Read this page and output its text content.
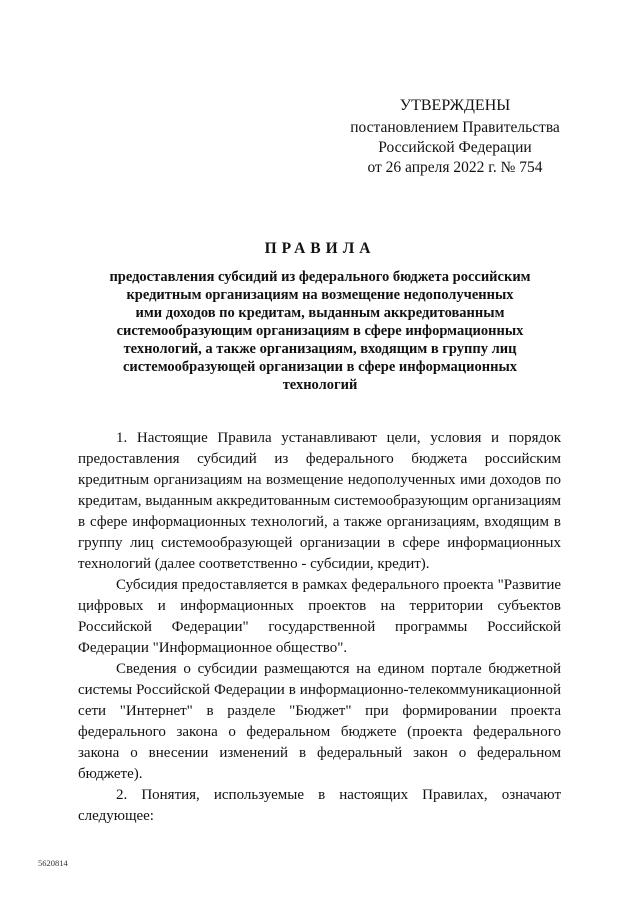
УТВЕРЖДЕНЫ
постановлением Правительства
Российской Федерации
от 26 апреля 2022 г. № 754
ПРАВИЛА
предоставления субсидий из федерального бюджета российским
кредитным организациям на возмещение недополученных
ими доходов по кредитам, выданным аккредитованным
системообразующим организациям в сфере информационных
технологий, а также организациям, входящим в группу лиц
системообразующей организации в сфере информационных
технологий

1. Настоящие Правила устанавливают цели, условия и порядок предоставления субсидий из федерального бюджета российским кредитным организациям на возмещение недополученных ими доходов по кредитам, выданным аккредитованным системообразующим организациям в сфере информационных технологий, а также организациям, входящим в группу лиц системообразующей организации в сфере информационных технологий (далее соответственно - субсидии, кредит).

Субсидия предоставляется в рамках федерального проекта "Развитие цифровых и информационных проектов на территории субъектов Российской Федерации" государственной программы Российской Федерации "Информационное общество".

Сведения о субсидии размещаются на едином портале бюджетной системы Российской Федерации в информационно-телекоммуникационной сети "Интернет" в разделе "Бюджет" при формировании проекта федерального закона о федеральном бюджете (проекта федерального закона о внесении изменений в федеральный закон о федеральном бюджете).

2. Понятия, используемые в настоящих Правилах, означают следующее:

5620814
